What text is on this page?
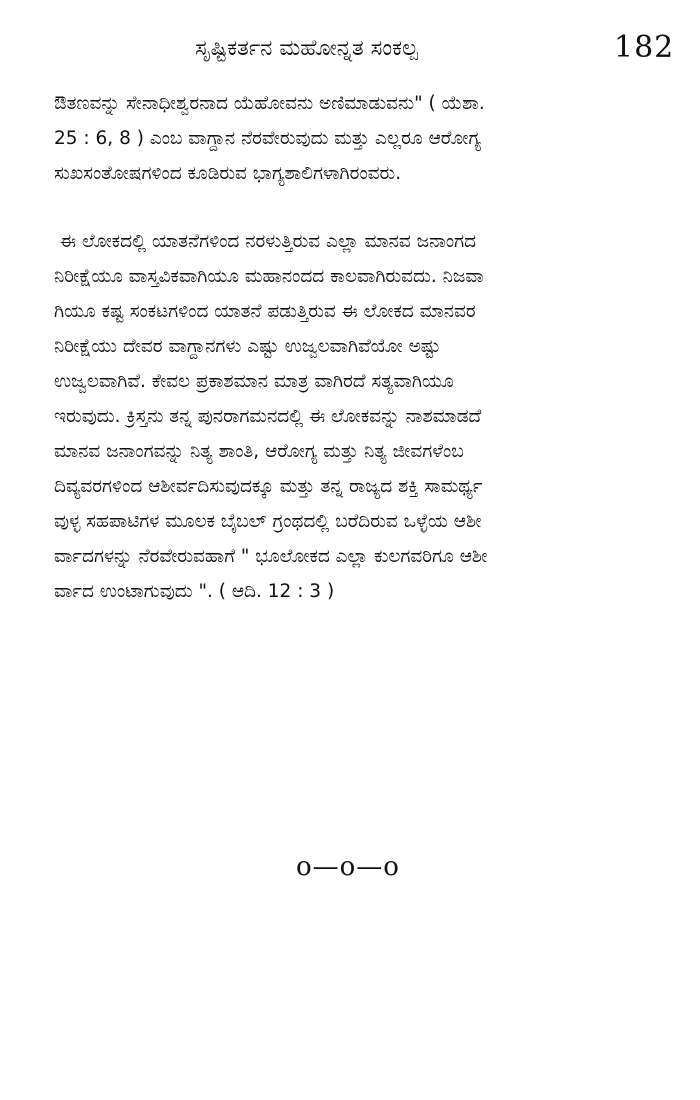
ಸೃಷ್ಟಿಕರ್ತನ ಮಹೋನ್ನತ ಸಂಕಲ್ಪ	182
ಔತಣವನ್ನು ಸೇನಾಧೀಶ್ವರನಾದ ಯೆಹೋವನು ಅಣಿಮಾಡುವನು" ( ಯೆಶಾ.
25 : 6, 8 ) ಎಂಬ ವಾಗ್ದಾನ ನೆರವೇರುವುದು ಮತ್ತು ಎಲ್ಲರೂ ಆರೋಗ್ಯ
ಸುಖಸಂತೋಷಗಳಿಂದ ಕೂಡಿರುವ ಭಾಗ್ಯಶಾಲಿಗಳಾಗಿರಂವರು.
ಈ ಲೋಕದಲ್ಲಿ ಯಾತನೆಗಳಿಂದ ನರಳುತ್ತಿರುವ ಎಲ್ಲಾ ಮಾನವ ಜನಾಂಗದ
ನಿರೀಕ್ಷೆಯೂ ವಾಸ್ತವಿಕವಾಗಿಯೂ ಮಹಾನಂದದ ಕಾಲವಾಗಿರುವದು. ನಿಜವಾ
ಗಿಯೂ ಕಷ್ಟ ಸಂಕಟಗಳಿಂದ ಯಾತನೆ ಪಡುತ್ತಿರುವ ಈ ಲೋಕದ ಮಾನವರ
ನಿರೀಕ್ಷೆಯು ದೇವರ ವಾಗ್ದಾನಗಳು ಎಷ್ಟು ಉಜ್ವಲವಾಗಿವೆಯೋ ಅಷ್ಟು
ಉಜ್ವಲವಾಗಿವೆ. ಕೇವಲ ಪ್ರಕಾಶಮಾನ ಮಾತ್ರ ವಾಗಿರದೆ ಸತ್ಯವಾಗಿಯೂ
ಇರುವುದು. ಕ್ರಿಸ್ತನು ತನ್ನ ಪುನರಾಗಮನದಲ್ಲಿ ಈ ಲೋಕವನ್ನು ನಾಶಮಾಡದೆ
ಮಾನವ ಜನಾಂಗವನ್ನು ನಿತ್ಯ ಶಾಂತಿ, ಆರೋಗ್ಯ ಮತ್ತು ನಿತ್ಯ ಜೀವಗಳೆಂಬ
ದಿವ್ಯವರಗಳಿಂದ ಆಶೀರ್ವದಿಸುವುದಕ್ಕೂ ಮತ್ತು ತನ್ನ ರಾಜ್ಯದ ಶಕ್ತಿ ಸಾಮರ್ಥ್ಯ
ವುಳ್ಳ ಸಹಪಾಟಿಗಳ ಮೂಲಕ ಬೈಬಲ್ ಗ್ರಂಥದಲ್ಲಿ ಬರೆದಿರುವ ಒಳ್ಳೆಯ ಆಶೀ
ರ್ವಾದಗಳನ್ನು ನೆರವೇರುವಹಾಗೆ " ಭೂಲೋಕದ ಎಲ್ಲಾ ಕುಲಗವರಿಗೂ ಆಶೀ
ರ್ವಾದ ಉಂಟಾಗುವುದು ". ( ಆದಿ. 12 : 3 )
o—o—o
